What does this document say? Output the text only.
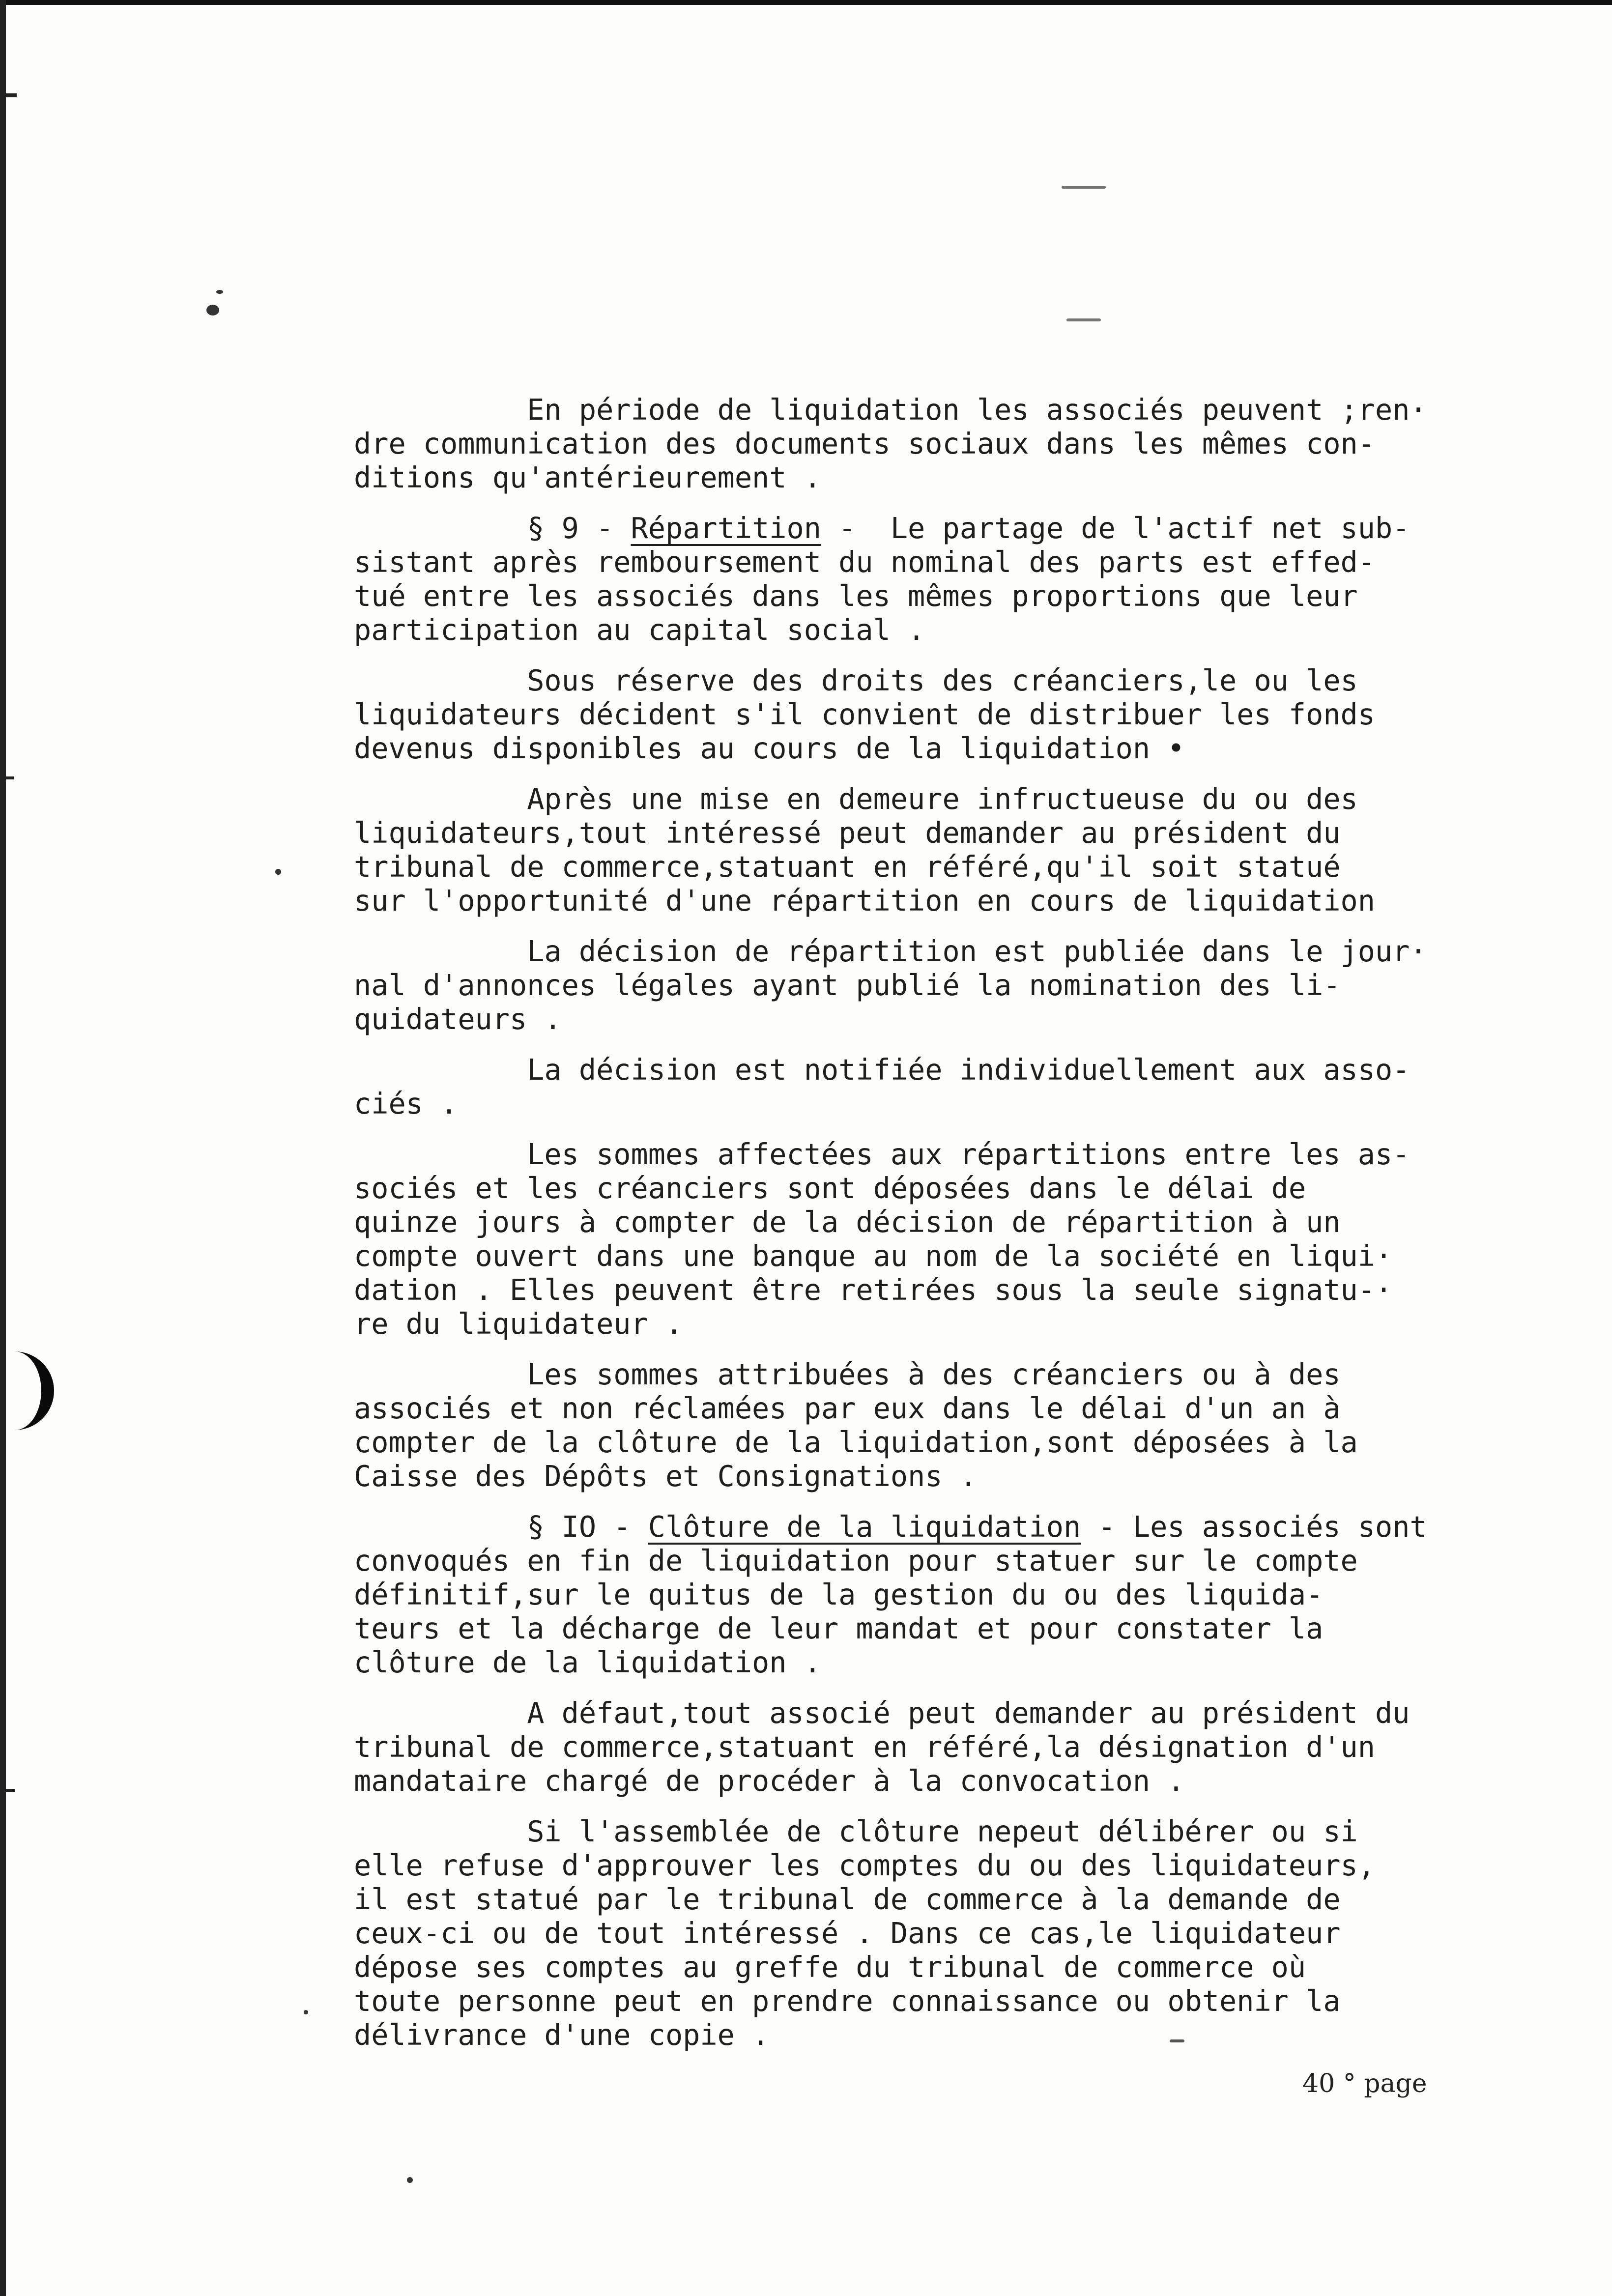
En période de liquidation les associés peuvent ;ren·
dre communication des documents sociaux dans les mêmes con-
ditions qu'antérieurement .
§ 9 - Répartition -  Le partage de l'actif net sub-
sistant après remboursement du nominal des parts est effed-
tué entre les associés dans les mêmes proportions que leur
participation au capital social .
Sous réserve des droits des créanciers,le ou les
liquidateurs décident s'il convient de distribuer les fonds
devenus disponibles au cours de la liquidation •
Après une mise en demeure infructueuse du ou des
liquidateurs,tout intéressé peut demander au président du
tribunal de commerce,statuant en référé,qu'il soit statué
sur l'opportunité d'une répartition en cours de liquidation
La décision de répartition est publiée dans le jour·
nal d'annonces légales ayant publié la nomination des li-
quidateurs .
La décision est notifiée individuellement aux asso-
ciés .
Les sommes affectées aux répartitions entre les as-
sociés et les créanciers sont déposées dans le délai de
quinze jours à compter de la décision de répartition à un
compte ouvert dans une banque au nom de la société en liqui·
dation . Elles peuvent être retirées sous la seule signatu-·
re du liquidateur .
Les sommes attribuées à des créanciers ou à des
associés et non réclamées par eux dans le délai d'un an à
compter de la clôture de la liquidation,sont déposées à la
Caisse des Dépôts et Consignations .
§ IO - Clôture de la liquidation - Les associés sont
convoqués en fin de liquidation pour statuer sur le compte
définitif,sur le quitus de la gestion du ou des liquida-
teurs et la décharge de leur mandat et pour constater la
clôture de la liquidation .
A défaut,tout associé peut demander au président du
tribunal de commerce,statuant en référé,la désignation d'un
mandataire chargé de procéder à la convocation .
Si l'assemblée de clôture nepeut délibérer ou si
elle refuse d'approuver les comptes du ou des liquidateurs,
il est statué par le tribunal de commerce à la demande de
ceux-ci ou de tout intéressé . Dans ce cas,le liquidateur
dépose ses comptes au greffe du tribunal de commerce où
toute personne peut en prendre connaissance ou obtenir la
délivrance d'une copie .
40 ° page
